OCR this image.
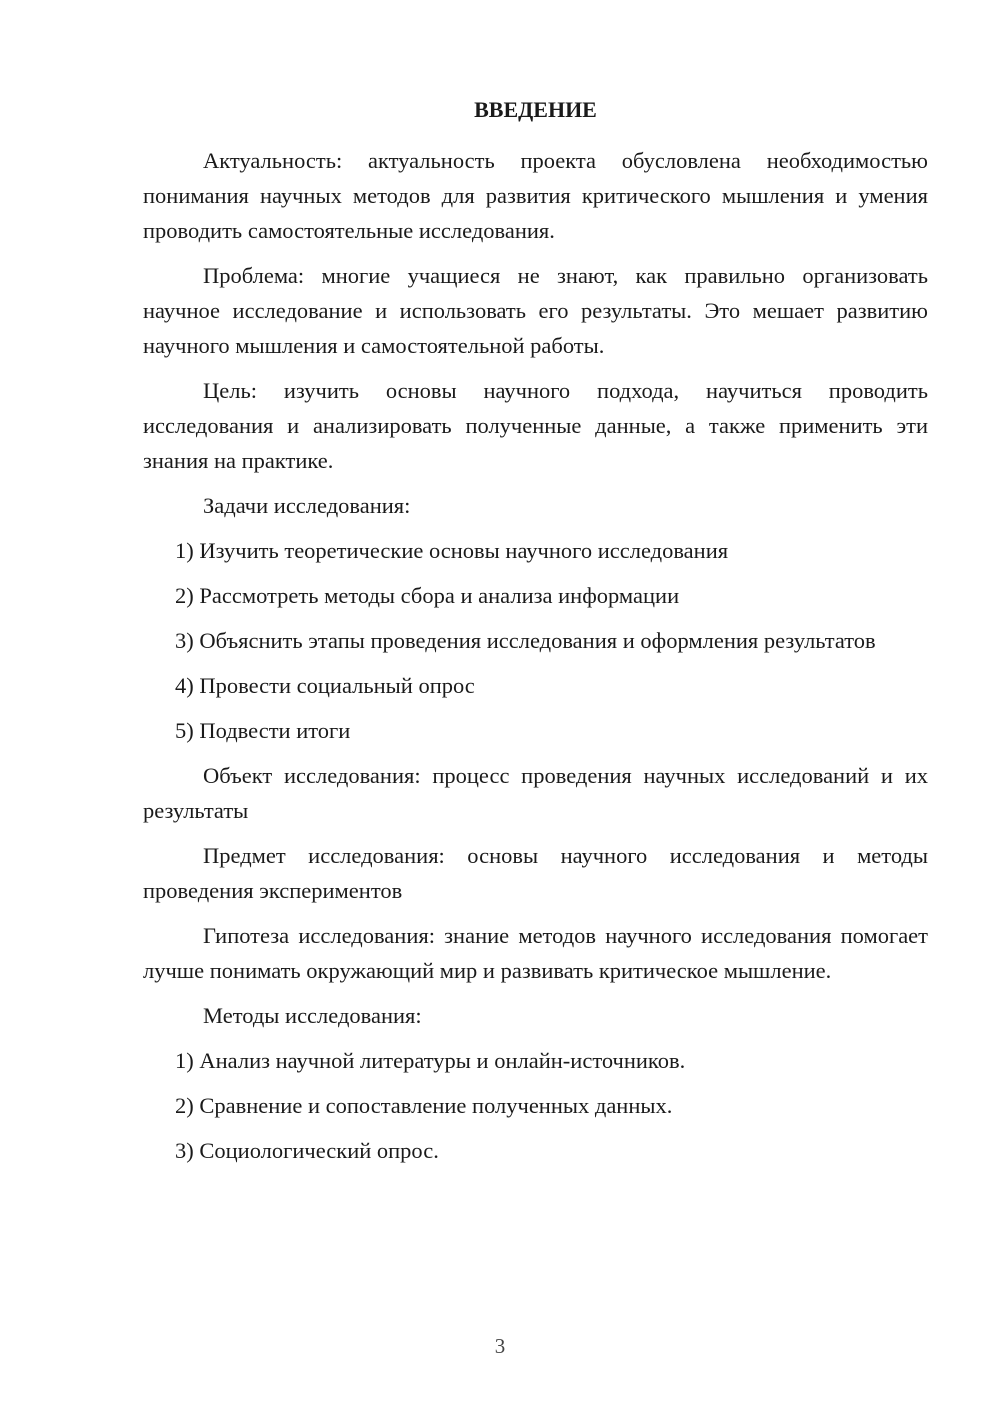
ВВЕДЕНИЕ

Актуальность: актуальность проекта обусловлена необходимостью понимания научных методов для развития критического мышления и умения проводить самостоятельные исследования.

Проблема: многие учащиеся не знают, как правильно организовать научное исследование и использовать его результаты. Это мешает развитию научного мышления и самостоятельной работы.

Цель: изучить основы научного подхода, научиться проводить исследования и анализировать полученные данные, а также применить эти знания на практике.

Задачи исследования:

1) Изучить теоретические основы научного исследования

2) Рассмотреть методы сбора и анализа информации

3) Объяснить этапы проведения исследования и оформления результатов

4) Провести социальный опрос

5) Подвести итоги

Объект исследования: процесс проведения научных исследований и их результаты

Предмет исследования: основы научного исследования и методы проведения экспериментов

Гипотеза исследования: знание методов научного исследования помогает лучше понимать окружающий мир и развивать критическое мышление.

Методы исследования:

1) Анализ научной литературы и онлайн-источников.

2) Сравнение и сопоставление полученных данных.

3) Социологический опрос.

3
